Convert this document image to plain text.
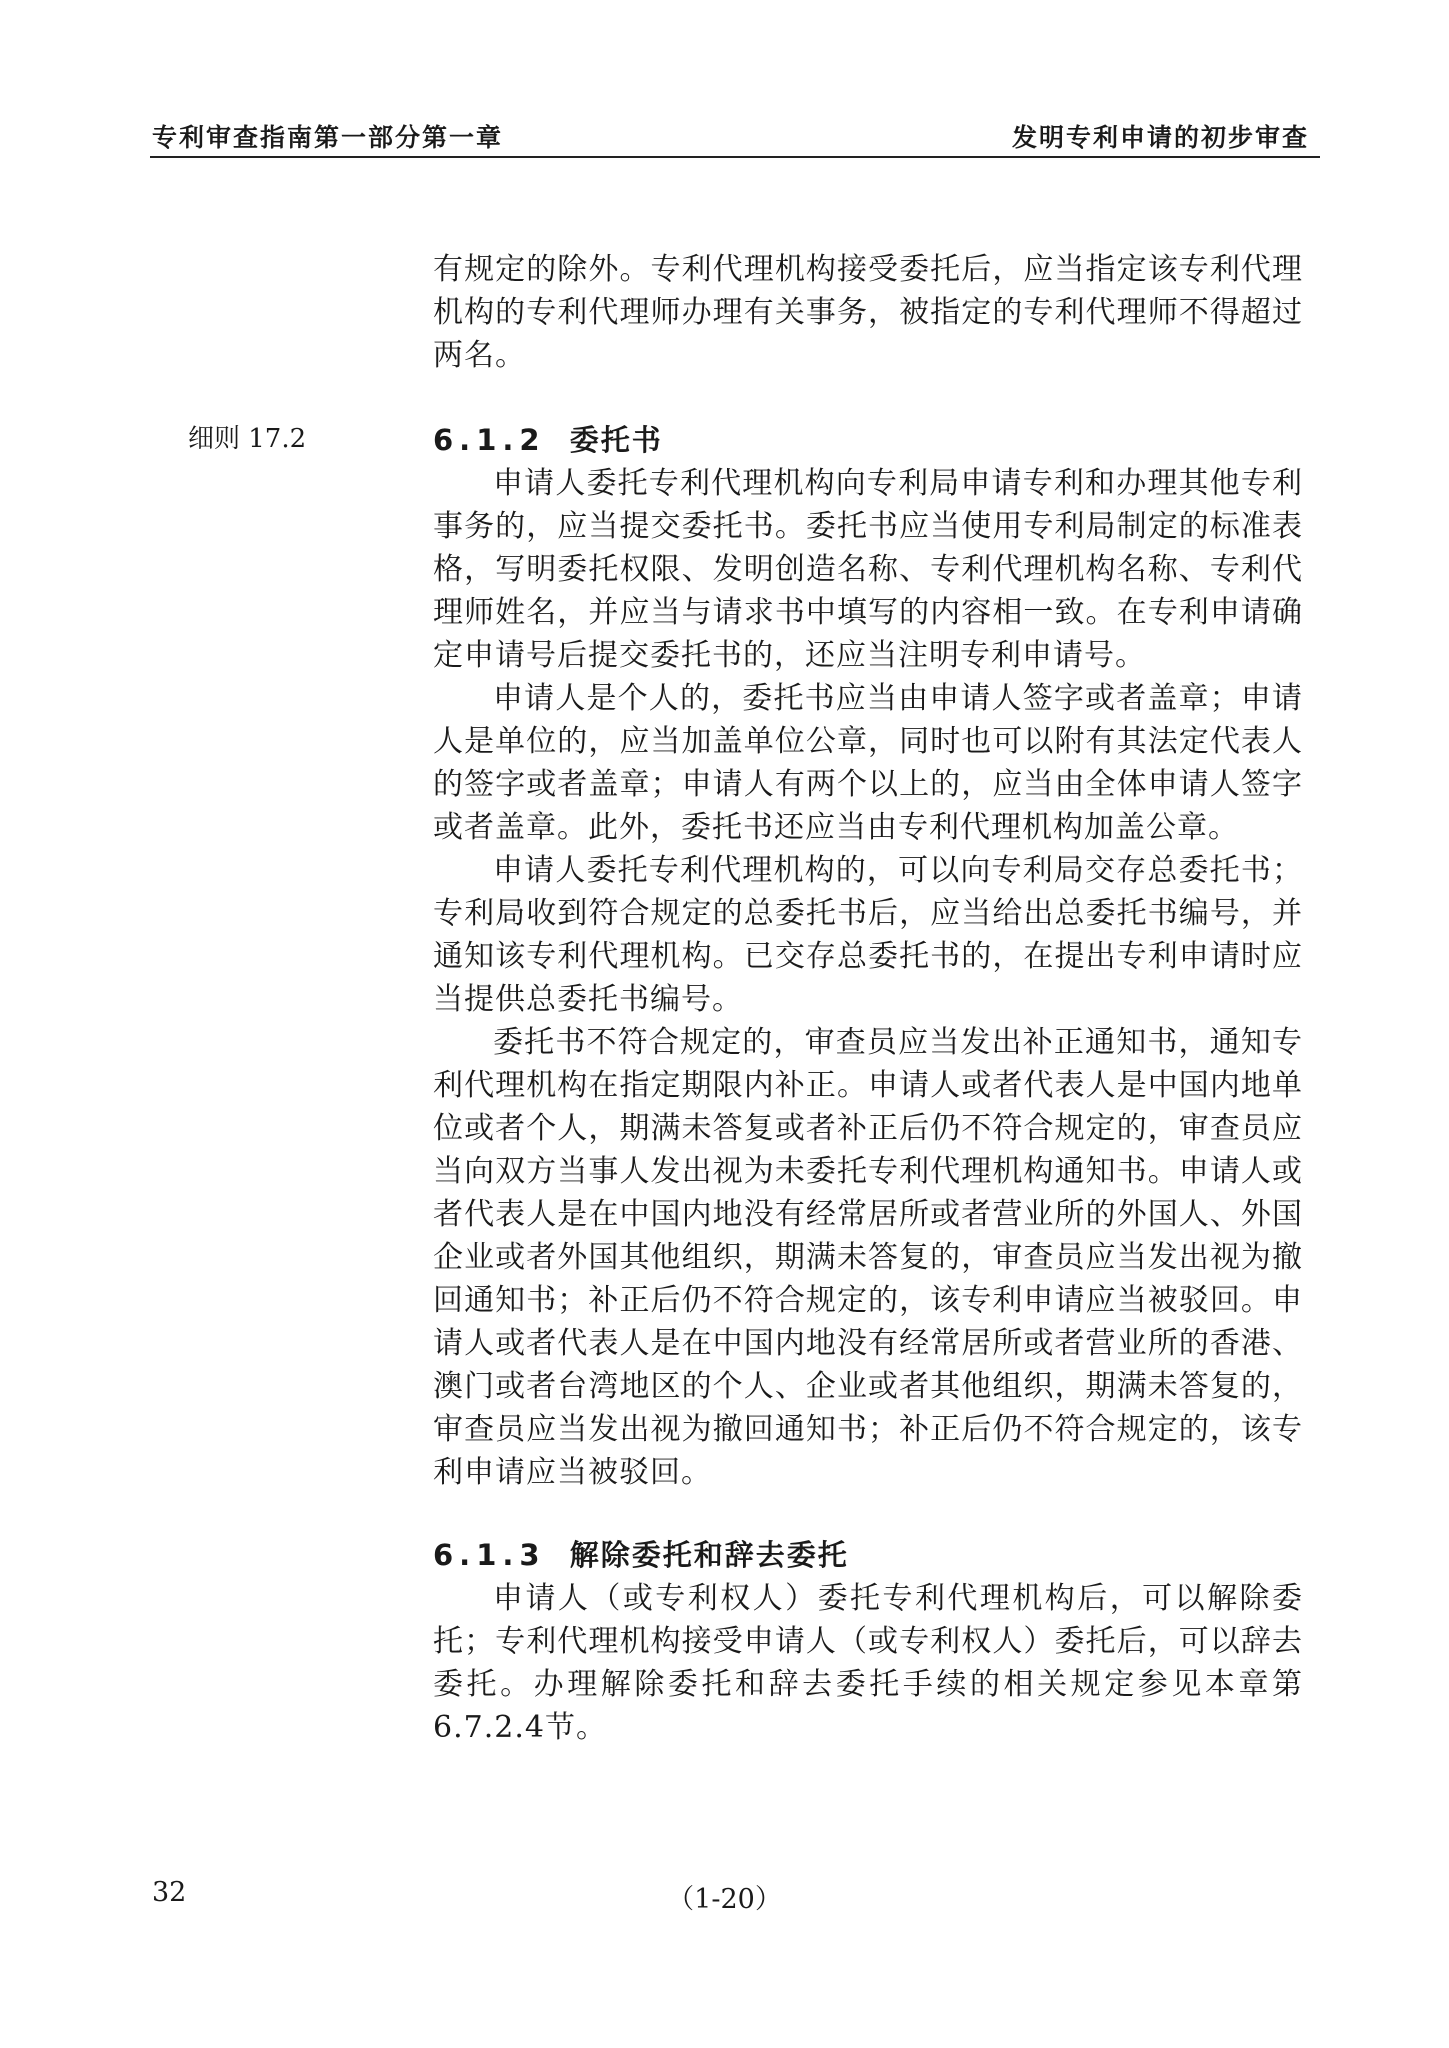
专利审查指南第一部分第一章	发明专利申请的初步审查
细则 17.2

有规定的除外。专利代理机构接受委托后，应当指定该专利代理机构的专利代理师办理有关事务，被指定的专利代理师不得超过两名。

6.1.2 委托书

申请人委托专利代理机构向专利局申请专利和办理其他专利事务的，应当提交委托书。委托书应当使用专利局制定的标准表格，写明委托权限、发明创造名称、专利代理机构名称、专利代理师姓名，并应当与请求书中填写的内容相一致。在专利申请确定申请号后提交委托书的，还应当注明专利申请号。

申请人是个人的，委托书应当由申请人签字或者盖章；申请人是单位的，应当加盖单位公章，同时也可以附有其法定代表人的签字或者盖章；申请人有两个以上的，应当由全体申请人签字或者盖章。此外，委托书还应当由专利代理机构加盖公章。

申请人委托专利代理机构的，可以向专利局交存总委托书；专利局收到符合规定的总委托书后，应当给出总委托书编号，并通知该专利代理机构。已交存总委托书的，在提出专利申请时应当提供总委托书编号。

委托书不符合规定的，审查员应当发出补正通知书，通知专利代理机构在指定期限内补正。申请人或者代表人是中国内地单位或者个人，期满未答复或者补正后仍不符合规定的，审查员应当向双方当事人发出视为未委托专利代理机构通知书。申请人或者代表人是在中国内地没有经常居所或者营业所的外国人、外国企业或者外国其他组织，期满未答复的，审查员应当发出视为撤回通知书；补正后仍不符合规定的，该专利申请应当被驳回。申请人或者代表人是在中国内地没有经常居所或者营业所的香港、澳门或者台湾地区的个人、企业或者其他组织，期满未答复的，审查员应当发出视为撤回通知书；补正后仍不符合规定的，该专利申请应当被驳回。

6.1.3 解除委托和辞去委托

申请人（或专利权人）委托专利代理机构后，可以解除委托；专利代理机构接受申请人（或专利权人）委托后，可以辞去委托。办理解除委托和辞去委托手续的相关规定参见本章第6.7.2.4节。

32	（1-20）
